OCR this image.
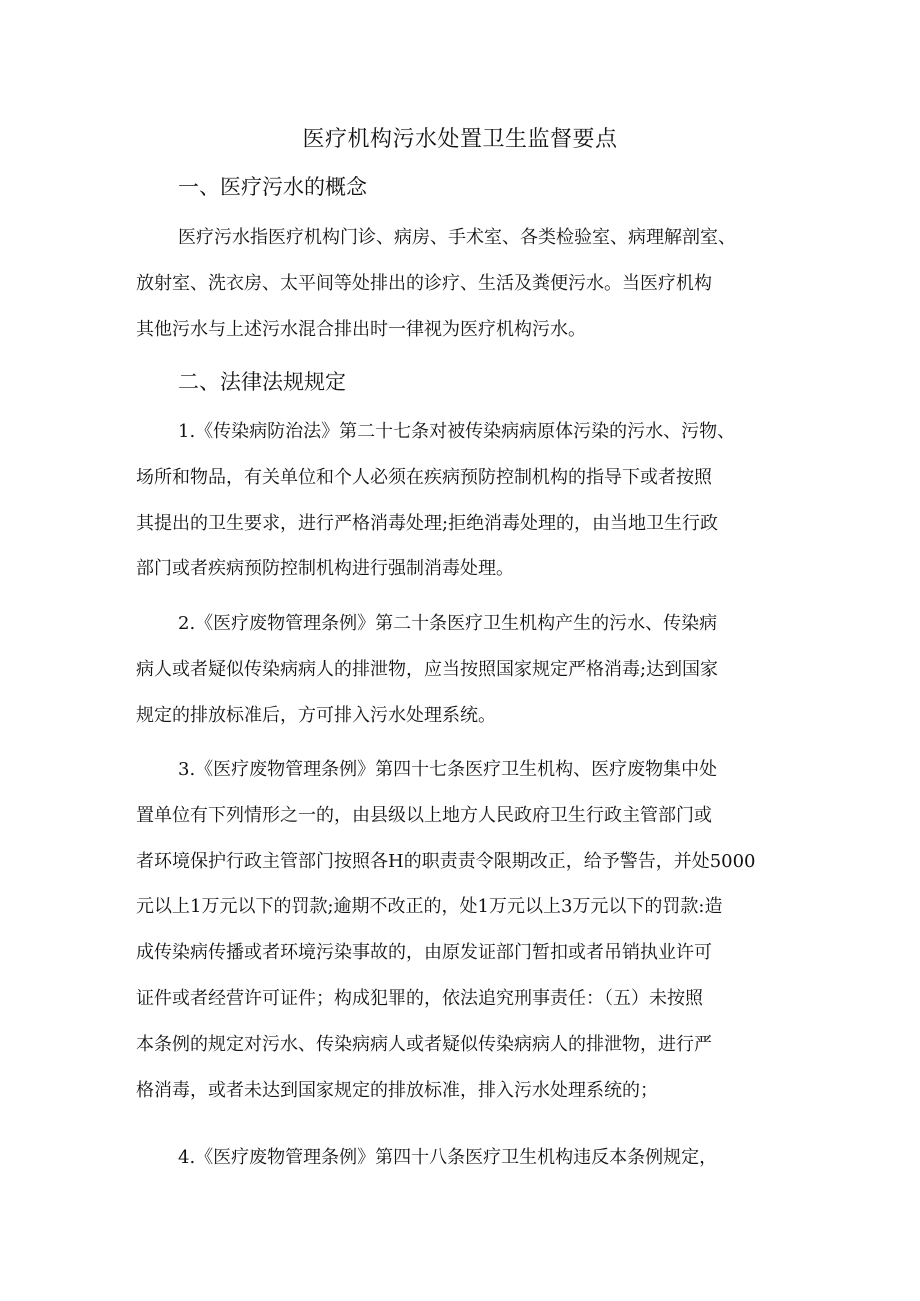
医疗机构污水处置卫生监督要点
一、医疗污水的概念
医疗污水指医疗机构门诊、病房、手术室、各类检验室、病理解剖室、
放射室、洗衣房、太平间等处排出的诊疗、生活及粪便污水。当医疗机构
其他污水与上述污水混合排出时一律视为医疗机构污水。
二、法律法规规定
1.《传染病防治法》第二十七条对被传染病病原体污染的污水、污物、
场所和物品，有关单位和个人必须在疾病预防控制机构的指导下或者按照
其提出的卫生要求，进行严格消毒处理;拒绝消毒处理的，由当地卫生行政
部门或者疾病预防控制机构进行强制消毒处理。
2.《医疗废物管理条例》第二十条医疗卫生机构产生的污水、传染病
病人或者疑似传染病病人的排泄物，应当按照国家规定严格消毒;达到国家
规定的排放标准后，方可排入污水处理系统。
3.《医疗废物管理条例》第四十七条医疗卫生机构、医疗废物集中处
置单位有下列情形之一的，由县级以上地方人民政府卫生行政主管部门或
者环境保护行政主管部门按照各H的职责责令限期改正，给予警告，并处5000
元以上1万元以下的罚款;逾期不改正的，处1万元以上3万元以下的罚款:造
成传染病传播或者环境污染事故的，由原发证部门暂扣或者吊销执业许可
证件或者经营许可证件；构成犯罪的，依法追究刑事责任：（五）未按照
本条例的规定对污水、传染病病人或者疑似传染病病人的排泄物，进行严
格消毒，或者未达到国家规定的排放标准，排入污水处理系统的；
4.《医疗废物管理条例》第四十八条医疗卫生机构违反本条例规定，
